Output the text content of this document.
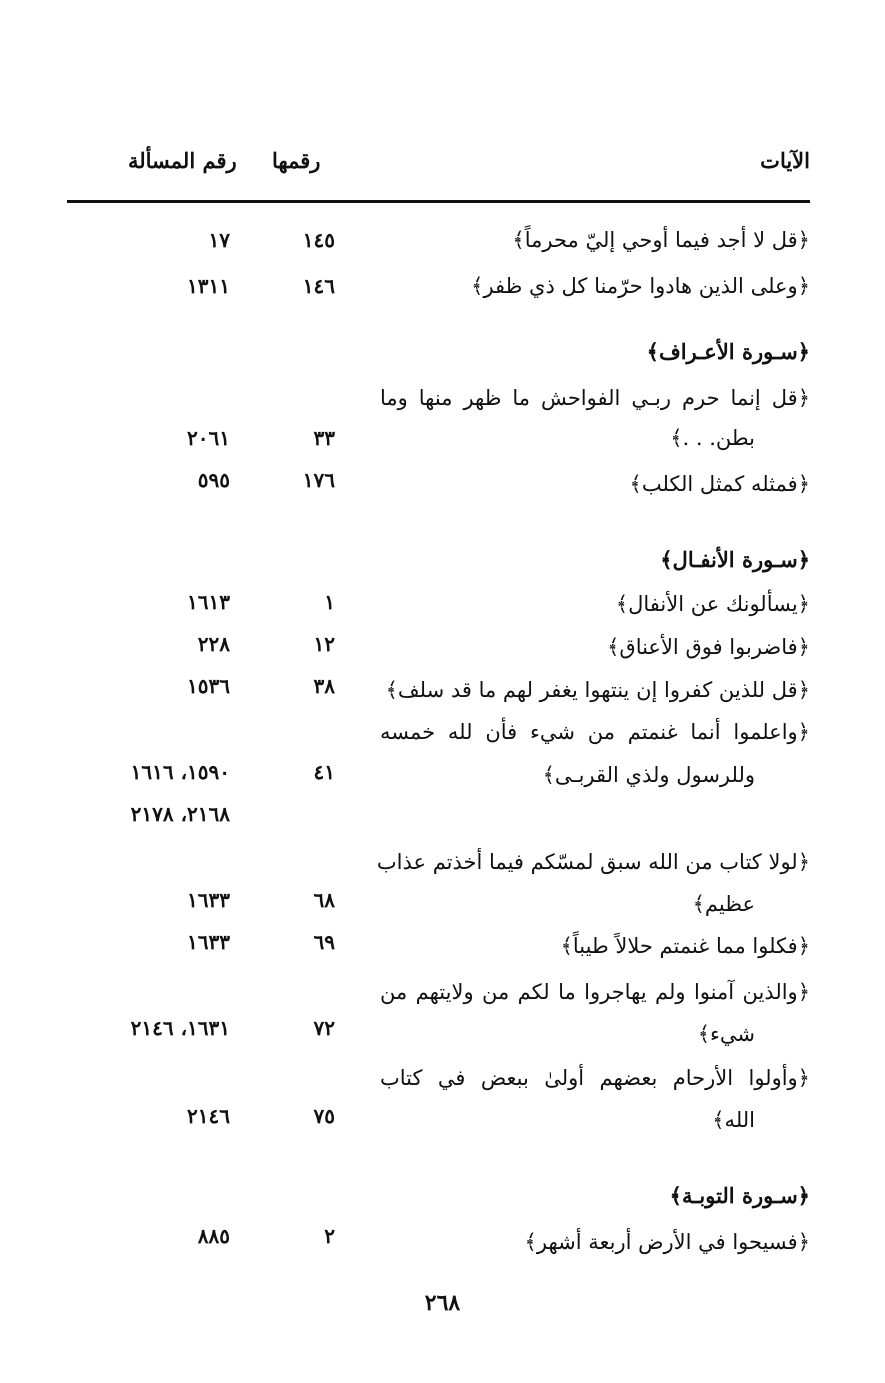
الآيات
رقمها
رقم المسألة
﴿قل لا أجد فيما أوحي إليّ محرماً﴾
١٤٥
١٧
﴿وعلى الذين هادوا حرّمنا كل ذي ظفر﴾
١٤٦
١٣١١
﴿سـورة الأعـراف﴾
﴿قل إنما حرم ربـي الفواحش ما ظهر منها وما
بطن. . .﴾
٣٣
٢٠٦١
﴿فمثله كمثل الكلب﴾
١٧٦
٥٩٥
﴿سـورة الأنفـال﴾
﴿يسألونك عن الأنفال﴾
١
١٦١٣
﴿فاضربوا فوق الأعناق﴾
١٢
٢٢٨
﴿قل للذين كفروا إن ينتهوا يغفر لهم ما قد سلف﴾
٣٨
١٥٣٦
﴿واعلموا أنما غنمتم من شيء فأن لله خمسه
وللرسول ولذي القربـى﴾
٤١
١٥٩٠، ١٦١٦
٢١٦٨، ٢١٧٨
﴿لولا كتاب من الله سبق لمسّكم فيما أخذتم عذاب
عظيم﴾
٦٨
١٦٣٣
﴿فكلوا مما غنمتم حلالاً طيباً﴾
٦٩
١٦٣٣
﴿والذين آمنوا ولم يهاجروا ما لكم من ولايتهم من
شيء﴾
٧٢
١٦٣١، ٢١٤٦
﴿وأولوا الأرحام بعضهم أولىٰ ببعض في كتاب
الله﴾
٧٥
٢١٤٦
﴿سـورة التوبـة﴾
﴿فسيحوا في الأرض أربعة أشهر﴾
٢
٨٨٥
٢٦٨
